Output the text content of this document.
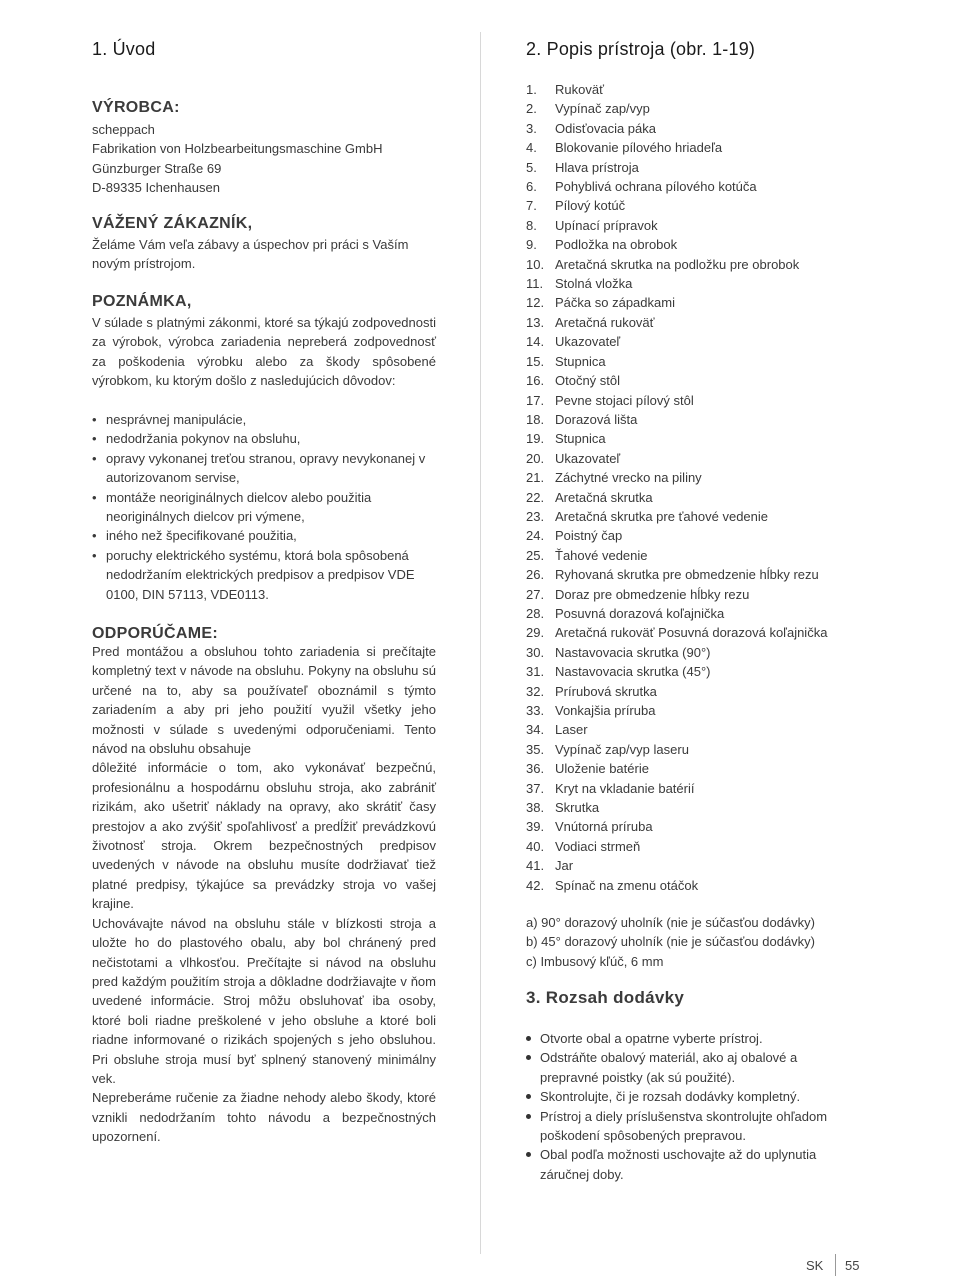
1. Úvod
VÝROBCA:
scheppach
Fabrikation von Holzbearbeitungsmaschine GmbH
Günzburger Straße 69
D-89335 Ichenhausen
VÁŽENÝ ZÁKAZNÍK,
Želáme Vám veľa zábavy a úspechov pri práci s Vaším novým prístrojom.
POZNÁMKA,
V súlade s platnými zákonmi, ktoré sa týkajú zodpovednosti za výrobok, výrobca zariadenia nepreberá zodpovednosť za poškodenia výrobku alebo za škody spôsobené výrobkom, ku ktorým došlo z nasledujúcich dôvodov:
• nesprávnej manipulácie,
• nedodržania pokynov na obsluhu,
• opravy vykonanej treťou stranou, opravy nevykonanej v autorizovanom servise,
• montáže neoriginálnych dielcov alebo použitia neoriginálnych dielcov pri výmene,
• iného než špecifikované použitia,
• poruchy elektrického systému, ktorá bola spôsobená nedodržaním elektrických predpisov a predpisov VDE 0100, DIN 57113, VDE0113.
ODPORÚČAME:
Pred montážou a obsluhou tohto zariadenia si prečítajte kompletný text v návode na obsluhu. Pokyny na obsluhu sú určené na to, aby sa používateľ oboznámil s týmto zariadením a aby pri jeho použití využil všetky jeho možnosti v súlade s uvedenými odporučeniami. Tento návod na obsluhu obsahuje
dôležité informácie o tom, ako vykonávať bezpečnú, profesionálnu a hospodárnu obsluhu stroja, ako zabrániť rizikám, ako ušetriť náklady na opravy, ako skrátiť časy prestojov a ako zvýšiť spoľahlivosť a predĺžiť prevádzkovú životnosť stroja. Okrem bezpečnostných predpisov uvedených v návode na obsluhu musíte dodržiavať tiež platné predpisy, týkajúce sa prevádzky stroja vo vašej krajine.
Uchovávajte návod na obsluhu stále v blízkosti stroja a uložte ho do plastového obalu, aby bol chránený pred nečistotami a vlhkosťou. Prečítajte si návod na obsluhu pred každým použitím stroja a dôkladne dodržiavajte v ňom uvedené informácie. Stroj môžu obsluhovať iba osoby, ktoré boli riadne preškolené v jeho obsluhe a ktoré boli riadne informované o rizikách spojených s jeho obsluhou. Pri obsluhe stroja musí byť splnený stanovený minimálny vek.
Nepreberáme ručenie za žiadne nehody alebo škody, ktoré vznikli nedodržaním tohto návodu a bezpečnostných upozornení.
2. Popis prístroja (obr. 1-19)
1.	Rukoväť
2.	Vypínač zap/vyp
3.	Odisťovacia páka
4.	Blokovanie pílového hriadeľa
5.	Hlava prístroja
6.	Pohyblivá ochrana pílového kotúča
7.	Pílový kotúč
8.	Upínací prípravok
9.	Podložka na obrobok
10. Aretačná skrutka na podložku pre obrobok
11. Stolná vložka
12. Páčka so západkami
13. Aretačná rukoväť
14. Ukazovateľ
15. Stupnica
16. Otočný stôl
17. Pevne stojaci pílový stôl
18. Dorazová lišta
19. Stupnica
20. Ukazovateľ
21. Záchytné vrecko na piliny
22. Aretačná skrutka
23. Aretačná skrutka pre ťahové vedenie
24. Poistný čap
25. Ťahové vedenie
26. Ryhovaná skrutka pre obmedzenie hĺbky rezu
27. Doraz pre obmedzenie hĺbky rezu
28. Posuvná dorazová koľajnička
29. Aretačná rukoväť Posuvná dorazová koľajnička
30. Nastavovacia skrutka (90°)
31. Nastavovacia skrutka (45°)
32. Prírubová skrutka
33. Vonkajšia príruba
34. Laser
35. Vypínač zap/vyp laseru
36. Uloženie batérie
37. Kryt na vkladanie batérií
38. Skrutka
39. Vnútorná príruba
40. Vodiaci strmeň
41. Jar
42. Spínač na zmenu otáčok
a) 90° dorazový uholník (nie je súčasťou dodávky)
b) 45° dorazový uholník (nie je súčasťou dodávky)
c) Imbusový kľúč, 6 mm
3. Rozsah dodávky
Otvorte obal a opatrne vyberte prístroj.
Odstráňte obalový materiál, ako aj obalové a prepravné poistky (ak sú použité).
Skontrolujte, či je rozsah dodávky kompletný.
Prístroj a diely príslušenstva skontrolujte ohľadom poškodení spôsobených prepravou.
Obal podľa možnosti uschovajte až do uplynutia záručnej doby.
SK 55
